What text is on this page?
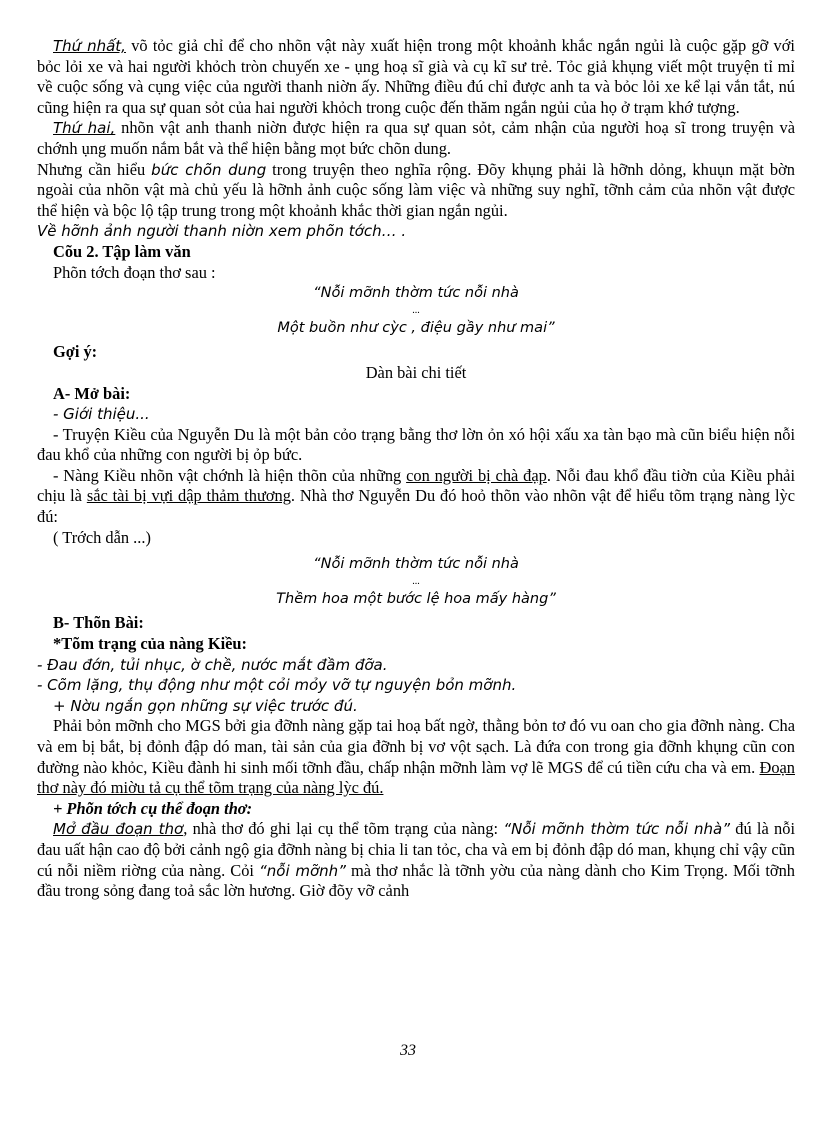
Thứ nhất, võ tỏc giả chỉ để cho nhõn vật này xuất hiện trong một khoảnh khắc ngắn ngủi là cuộc gặp gỡ với bỏc lỏi xe và hai người khỏch tròn chuyến xe - ụng hoạ sĩ già và cụ kĩ sư trẻ. Tỏc giả khụng viết một truyện tỉ mỉ về cuộc sống và cụng việc của người thanh niờn ấy. Những điều đú chỉ được anh ta và bỏc lỏi xe kể lại vắn tắt, nú cũng hiện ra qua sự quan sỏt của hai người khỏch trong cuộc đến thăm ngắn ngủi của họ ở trạm khớ tượng.

Thứ hai, nhõn vật anh thanh niờn được hiện ra qua sự quan sỏt, cảm nhận của người hoạ sĩ trong truyện và chớnh ụng muốn nắm bắt và thể hiện bằng mọt bức chõn dung.

Nhưng cần hiểu bức chõn dung trong truyện theo nghĩa rộng. Đõy khụng phải là hỡnh dỏng, khuụn mặt bờn ngoài của nhõn vật mà chủ yếu là hỡnh ảnh cuộc sống làm việc và những suy nghĩ, tỡnh cảm của nhõn vật được thể hiện và bộc lộ tập trung trong một khoảnh khắc thời gian ngắn ngủi.

Về hỡnh ảnh người thanh niờn xem phõn tớch… .

Cõu 2. Tập làm văn

Phõn tớch đoạn thơ sau :

“Nỗi mỡnh thờm tức nỗi nhà
...
Một buồn như cỳc , điệu gầy như mai”

Gợi ý:

Dàn bài chi tiết

A- Mở bài:

- Giới thiệu...

- Truyện Kiều của Nguyễn Du là một bản cỏo trạng bằng thơ lờn ỏn xó hội xấu xa tàn bạo mà cũn biểu hiện nỗi đau khổ của những con người bị ỏp bức.

- Nàng Kiều nhõn vật chớnh là hiện thõn của những con người bị chà đạp. Nỗi đau khổ đầu tiờn của Kiều phải chịu là sắc tài bị vựi dập thảm thương. Nhà thơ Nguyễn Du đó hoỏ thõn vào nhõn vật để hiểu tõm trạng nàng lỳc đú:

( Trớch dẫn ...)

“Nỗi mỡnh thờm tức nỗi nhà
...
Thềm hoa một bước lệ hoa mấy hàng”

B- Thõn Bài:

*Tõm trạng của nàng Kiều:

- Đau đớn, tủi nhục, ờ chề, nước mắt đầm đỡa.

- Cõm lặng, thụ động như một cỏi mỏy vỡ tự nguyện bỏn mỡnh.

+ Nờu ngắn gọn những sự việc trước đú.

Phải bỏn mỡnh cho MGS bởi gia đỡnh nàng gặp tai hoạ bất ngờ, thằng bỏn tơ đó vu oan cho gia đỡnh nàng. Cha và em bị bắt, bị đỏnh đập dó man, tài sản của gia đỡnh bị vơ vột sạch. Là đứa con trong gia đỡnh khụng cũn con đường nào khỏc, Kiều đành hi sinh mối tỡnh đầu, chấp nhận mỡnh làm vợ lẽ MGS để cú tiền cứu cha và em. Đoạn thơ này đó miờu tả cụ thể tõm trạng của nàng lỳc đú.

+ Phõn tớch cụ thể đoạn thơ:

Mở đầu đoạn thơ, nhà thơ đó ghi lại cụ thể tõm trạng của nàng: “Nỗi mỡnh thờm tức nỗi nhà” đú là nỗi đau uất hận cao độ bởi cảnh ngộ gia đỡnh nàng bị chia li tan tỏc, cha và em bị đỏnh đập dó man, khụng chỉ vậy cũn cú nỗi niềm riờng của nàng. Cỏi “nỗi mỡnh” mà thơ nhắc là tỡnh yờu của nàng dành cho Kim Trọng. Mối tỡnh đầu trong sỏng đang toả sắc lờn hương. Giờ đõy vỡ cảnh

33
